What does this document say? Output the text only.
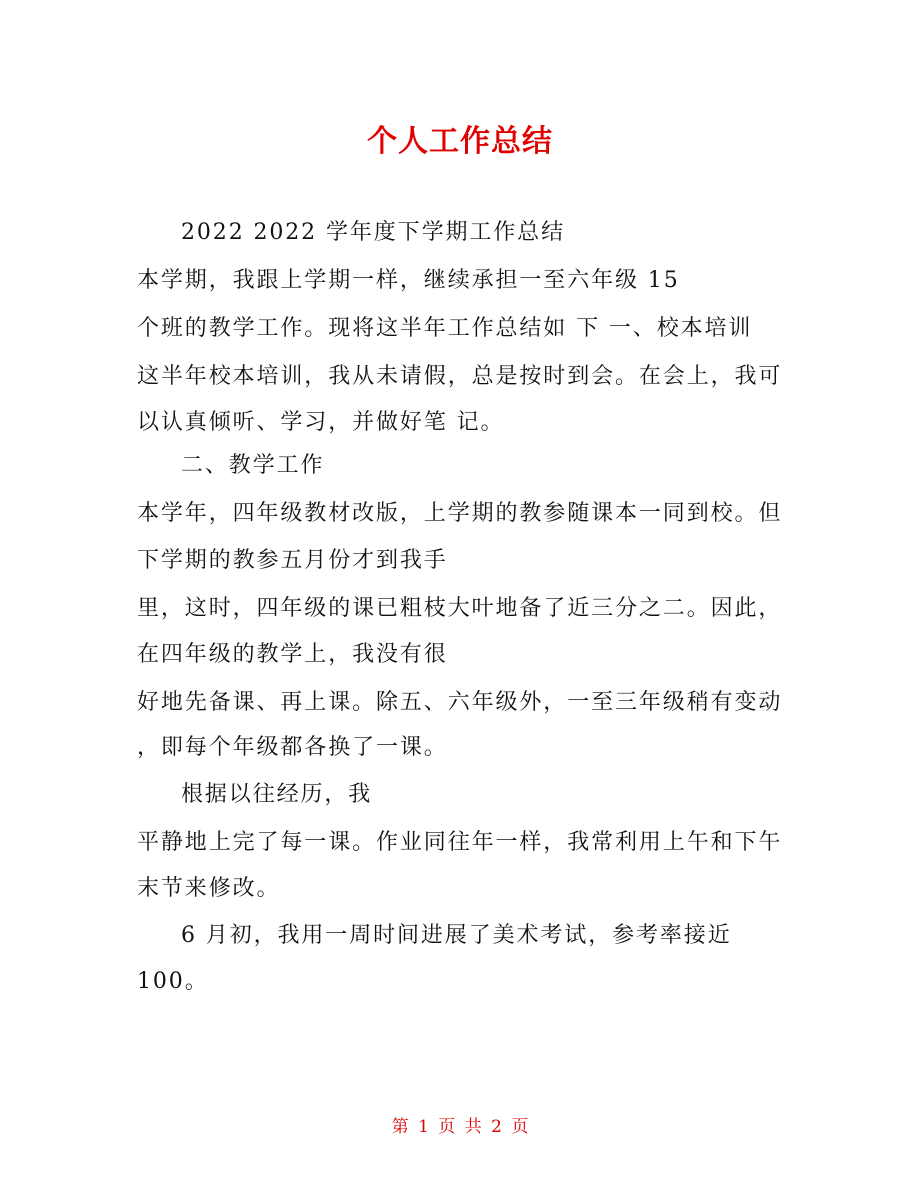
个人工作总结
2022 2022 学年度下学期工作总结
本学期，我跟上学期一样，继续承担一至六年级 15
个班的教学工作。现将这半年工作总结如 下 一、校本培训
这半年校本培训，我从未请假，总是按时到会。在会上，我可
以认真倾听、学习，并做好笔 记。
二、教学工作
本学年，四年级教材改版，上学期的教参随课本一同到校。但
下学期的教参五月份才到我手
里，这时，四年级的课已粗枝大叶地备了近三分之二。因此，
在四年级的教学上，我没有很
好地先备课、再上课。除五、六年级外，一至三年级稍有变动
，即每个年级都各换了一课。
根据以往经历，我
平静地上完了每一课。作业同往年一样，我常利用上午和下午
末节来修改。
6 月初，我用一周时间进展了美术考试，参考率接近
100。
第 1 页 共 2 页
